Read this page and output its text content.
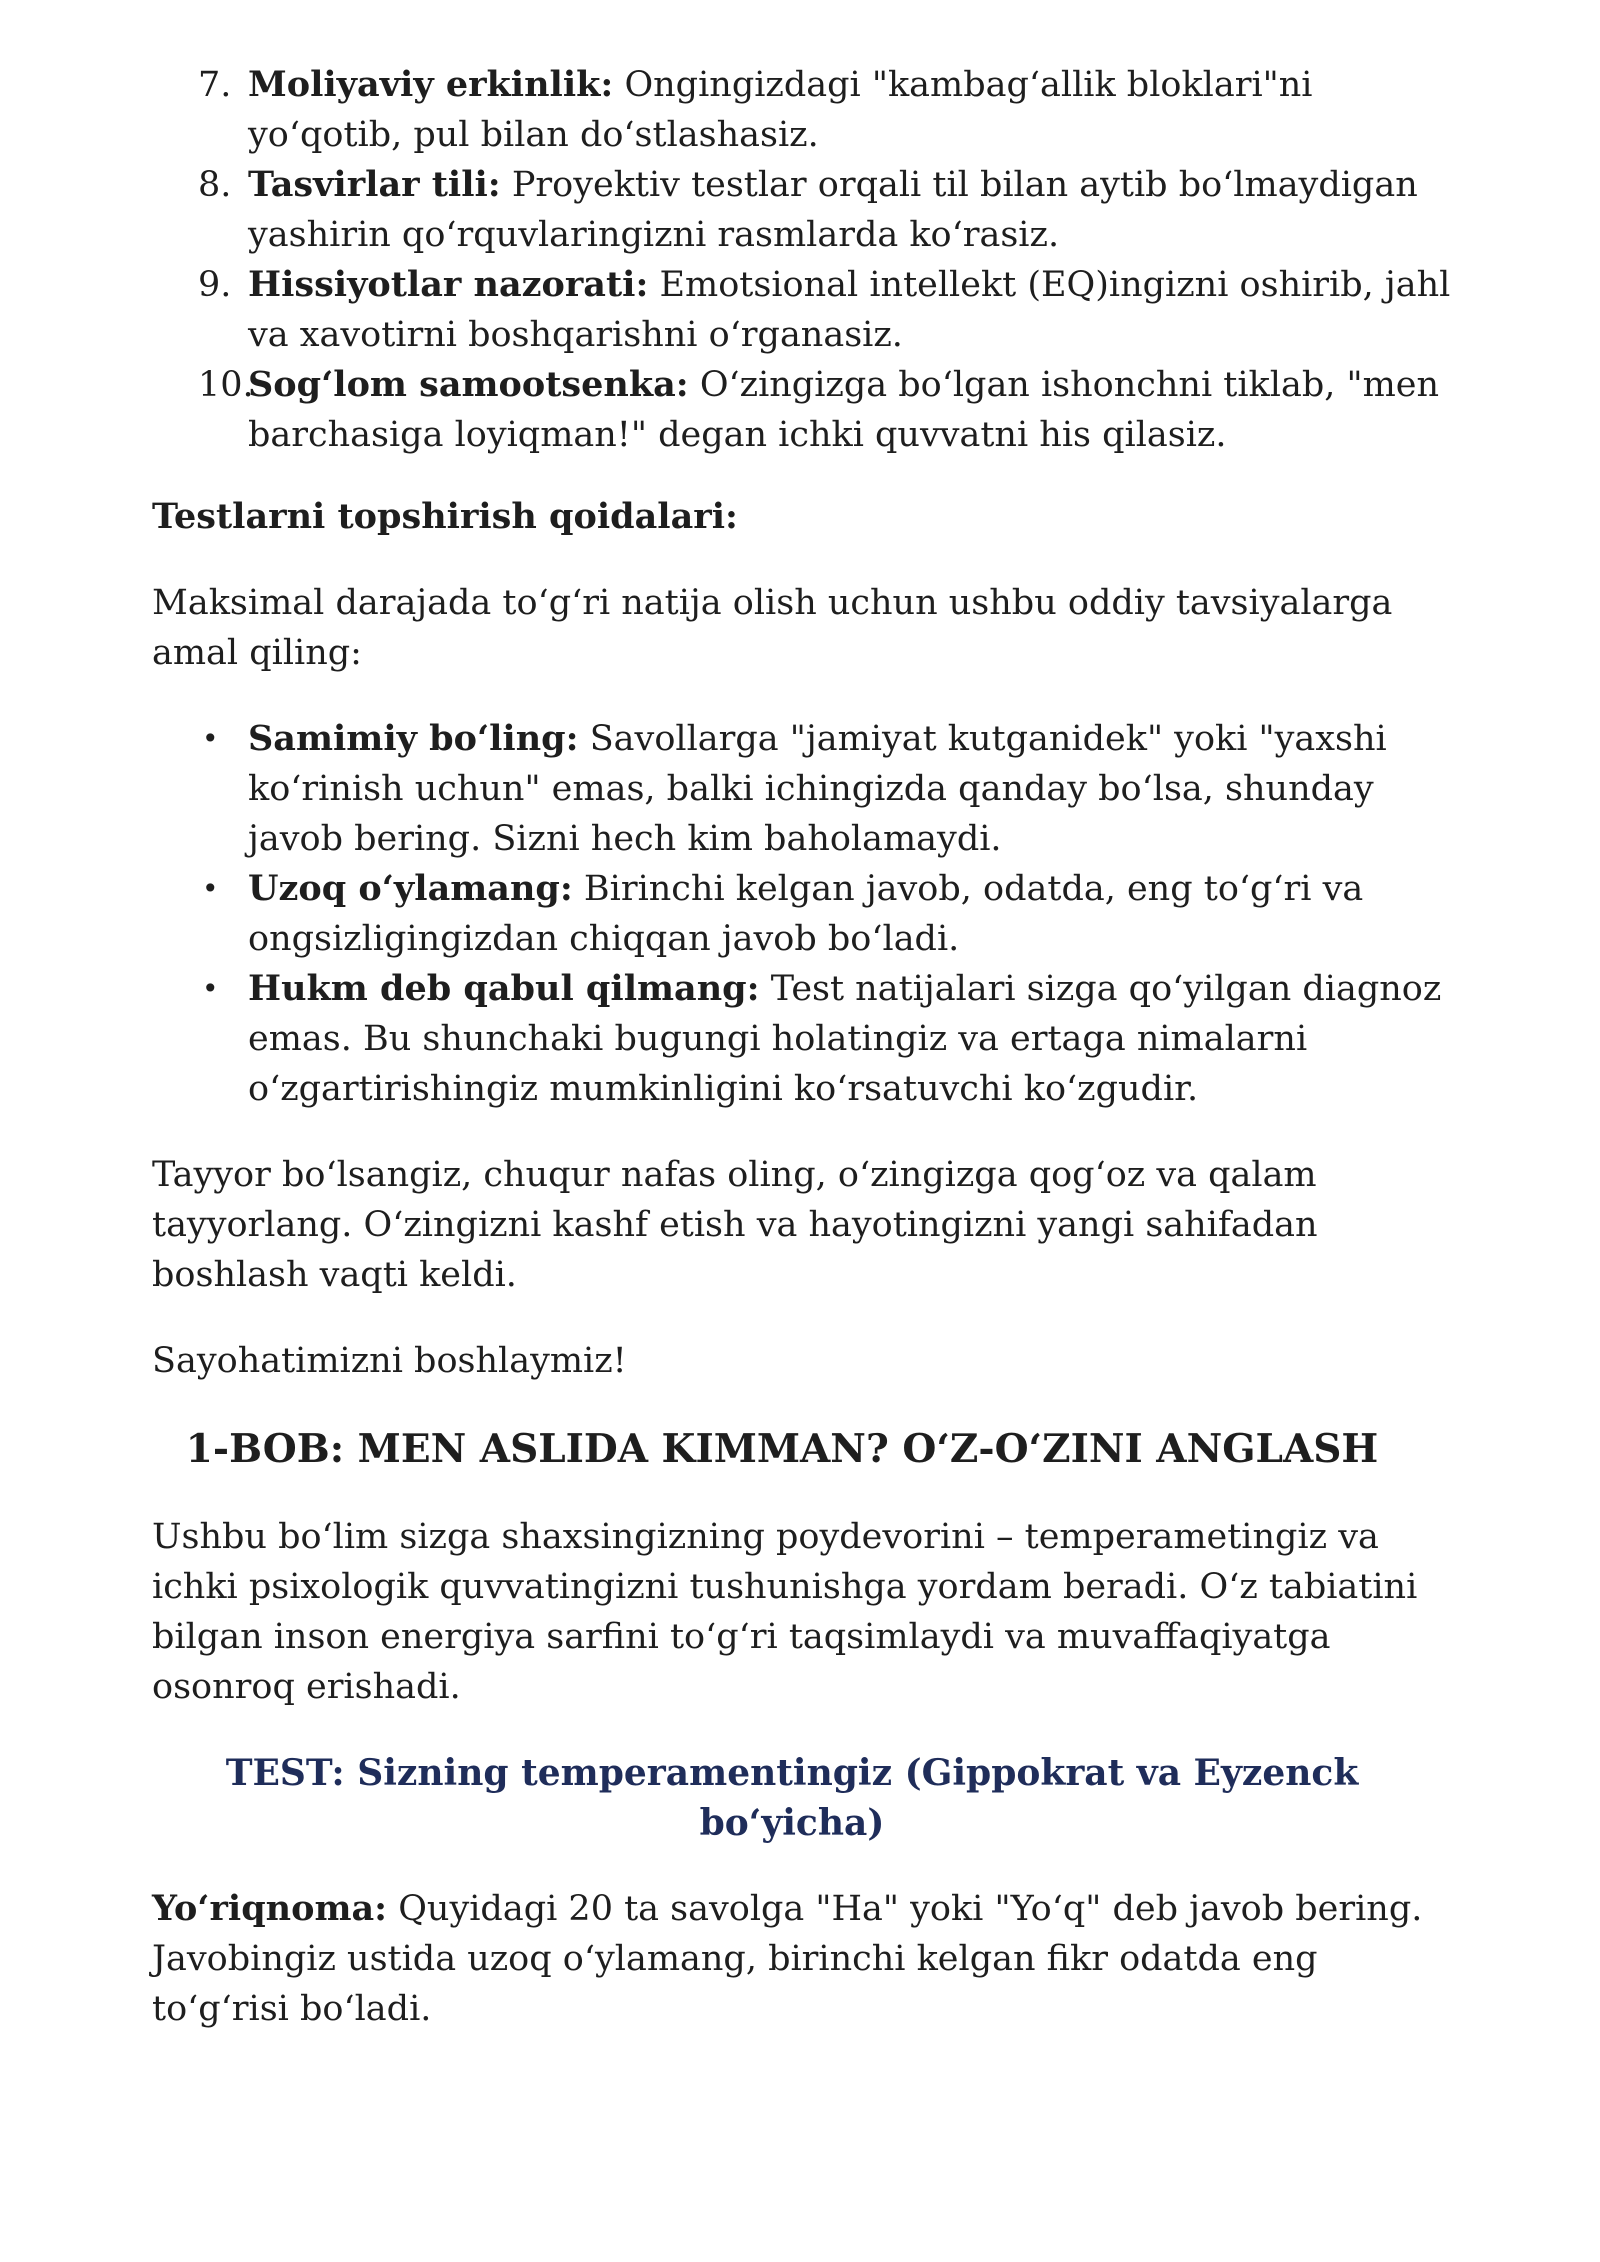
7. Moliyaviy erkinlik: Ongingizdagi "kambag‘allik bloklari"ni yo‘qotib, pul bilan do‘stlashasiz.
8. Tasvirlar tili: Proyektiv testlar orqali til bilan aytib bo‘lmaydigan yashirin qo‘rquvlaringizni rasmlarda ko‘rasiz.
9. Hissiyotlar nazorati: Emotsional intellekt (EQ)ingizni oshirib, jahl va xavotirni boshqarishni o‘rganasiz.
10.
Sog‘lom samootsenka: O‘zingizga bo‘lgan ishonchni tiklab, "men barchasiga loyiqman!" degan ichki quvvatni his qilasiz.
Testlarni topshirish qoidalari:

Maksimal darajada to‘g‘ri natija olish uchun ushbu oddiy tavsiyalarga amal qiling:

• Samimiy bo‘ling: Savollarga "jamiyat kutganidek" yoki "yaxshi ko‘rinish uchun" emas, balki ichingizda qanday bo‘lsa, shunday javob bering. Sizni hech kim baholamaydi.
• Uzoq o‘ylamang: Birinchi kelgan javob, odatda, eng to‘g‘ri va ongsizligingizdan chiqqan javob bo‘ladi.
• Hukm deb qabul qilmang: Test natijalari sizga qo‘yilgan diagnoz emas. Bu shunchaki bugungi holatingiz va ertaga nimalarni o‘zgartirishingiz mumkinligini ko‘rsatuvchi ko‘zgudir.

Tayyor bo‘lsangiz, chuqur nafas oling, o‘zingizga qog‘oz va qalam tayyorlang. O‘zingizni kashf etish va hayotingizni yangi sahifadan boshlash vaqti keldi.

Sayohatimizni boshlaymiz!

1-BOB: MEN ASLIDA KIMMAN? O‘Z-O‘ZINI ANGLASH

Ushbu bo‘lim sizga shaxsingizning poydevorini – temperametingiz va ichki psixologik quvvatingizni tushunishga yordam beradi. O‘z tabiatini bilgan inson energiya sarfini to‘g‘ri taqsimlaydi va muvaffaqiyatga osonroq erishadi.

TEST: Sizning temperamentingiz (Gippokrat va Eyzenck bo‘yicha)

Yo‘riqnoma: Quyidagi 20 ta savolga "Ha" yoki "Yo‘q" deb javob bering. Javobingiz ustida uzoq o‘ylamang, birinchi kelgan fikr odatda eng to‘g‘risi bo‘ladi.
